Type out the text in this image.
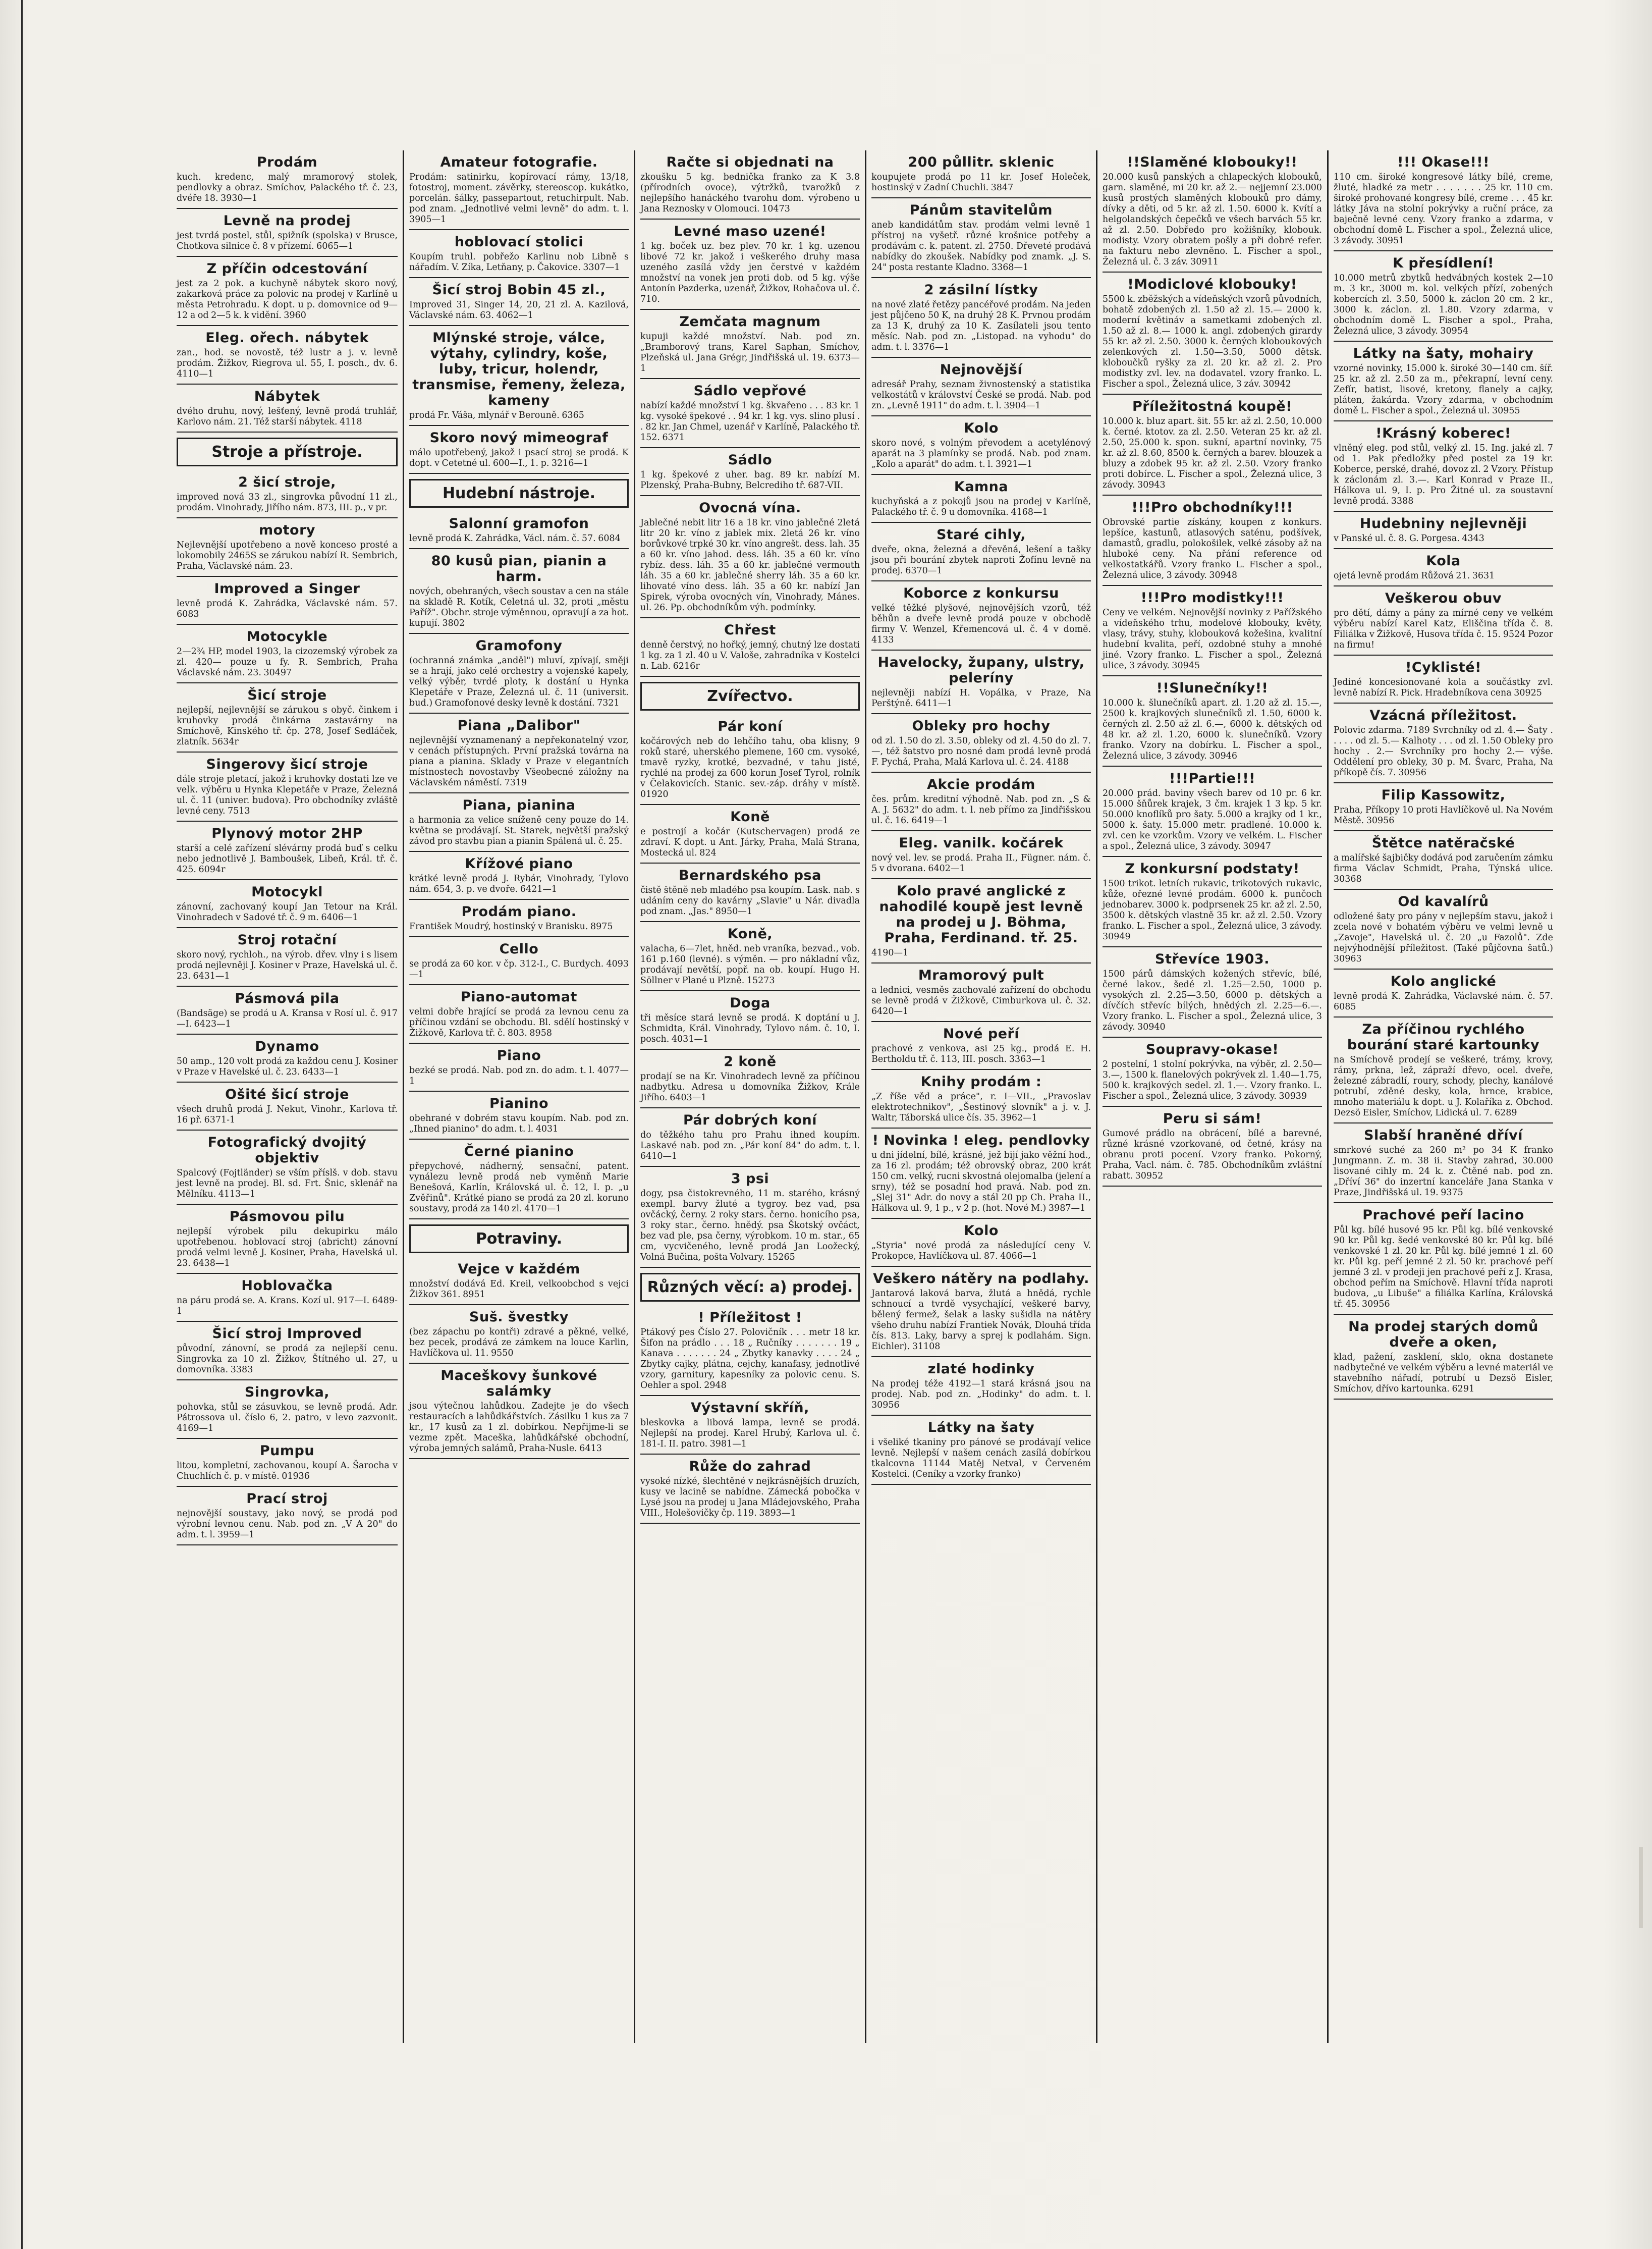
Prodám
kuch. kredenc, malý mramorový stolek, pendlovky a obraz. Smíchov, Palackého tř. č. 23, dvéře 18. 3930—1
Levně na prodej
jest tvrdá postel, stůl, spižník (spolska) v Brusce, Chotkova silnice č. 8 v přízemí. 6065—1
Z příčin odcestování
jest za 2 pok. a kuchyně nábytek skoro nový, zakarková práce za polovic na prodej v Karlíně u města Petrohradu. K dopt. u p. domovnice od 9—12 a od 2—5 k. k vidění. 3960
Eleg. ořech. nábytek
zan., hod. se novostě, též lustr a j. v. levně prodám. Žižkov, Riegrova ul. 55, I. posch., dv. 6. 4110—1
Nábytek
dvého druhu, nový, lešťený, levně prodá truhlář, Karlovo nám. 21. Též starší nábytek. 4118
Stroje a přístroje.
2 šicí stroje,
improved nová 33 zl., singrovka původní 11 zl., prodám. Vinohrady, Jiřího nám. 873, III. p., v pr.
motory
Nejlevnější upotřebeno a nově konceso prosté a lokomobily 2465S se zárukou nabízí R. Sembrich, Praha, Václavské nám. 23.
Improved a Singer
levně prodá K. Zahrádka, Václavské nám. 57. 6083
Motocykle
2—2¾ HP, model 1903, la cizozemský výrobek za zl. 420— pouze u fy. R. Sembrich, Praha Václavské nám. 23. 30497
Šicí stroje
nejlepší, nejlevnější se zárukou s obyč. činkem i kruhovky prodá činkárna zastavárny na Smíchově, Kinského tř. čp. 278, Josef Sedláček, zlatník. 5634r
Singerovy šicí stroje
dále stroje pletací, jakož i kruhovky dostati lze ve velk. výběru u Hynka Klepetáře v Praze, Železná ul. č. 11 (univer. budova). Pro obchodníky zvláště levné ceny. 7513
Plynový motor 2HP
starší a celé zařízení slévárny prodá buď s celku nebo jednotlivě J. Bamboušek, Libeň, Král. tř. č. 425. 6094r
Motocykl
zánovní, zachovaný koupí Jan Tetour na Král. Vinohradech v Sadové tř. č. 9 m. 6406—1
Stroj rotační
skoro nový, rychloh., na výrob. dřev. vlny i s lisem prodá nejlevněji J. Kosiner v Praze, Havelská ul. č. 23. 6431—1
Pásmová pila
(Bandsäge) se prodá u A. Kransa v Rosí ul. č. 917—I. 6423—1
Dynamo
50 amp., 120 volt prodá za každou cenu J. Kosiner v Praze v Havelské ul. č. 23. 6433—1
Ošité šicí stroje
všech druhů prodá J. Nekut, Vinohr., Karlova tř. 16 př. 6371-1
Fotografický dvojitý objektiv
Spalcový (Fojtländer) se vším příslš. v dob. stavu jest levně na prodej. Bl. sd. Frt. Šnic, sklenář na Mělníku. 4113—1
Pásmovou pilu
nejlepší výrobek pilu dekupirku málo upotřebenou. hoblovací stroj (abricht) zánovní prodá velmi levně J. Kosiner, Praha, Havelská ul. 23. 6438—1
Hoblovačka
na páru prodá se. A. Krans. Kozí ul. 917—I. 6489-1
Šicí stroj Improved
původní, zánovní, se prodá za nejlepší cenu. Singrovka za 10 zl. Žižkov, Štítného ul. 27, u domovníka. 3383
Singrovka,
pohovka, stůl se zásuvkou, se levně prodá. Adr. Pátrossova ul. číslo 6, 2. patro, v levo zazvonit. 4169—1
Pumpu
litou, kompletní, zachovanou, koupí A. Šarocha v Chuchlích č. p. v místě. 01936
Prací stroj
nejnovější soustavy, jako nový, se prodá pod výrobní levnou cenu. Nab. pod zn. „V A 20" do adm. t. l. 3959—1
Amateur fotografie.
Prodám: satinirku, kopírovací rámy, 13/18, fotostroj, moment. závěrky, stereoscop. kukátko, porcelán. šálky, passepartout, retuchirpult. Nab. pod znam. „Jednotlivé velmi levně" do adm. t. l. 3905—1
hoblovací stolici
Koupím truhl. pobřežo Karlinu nob Libně s nářadím. V. Zíka, Letňany, p. Čakovice. 3307—1
Šicí stroj Bobin 45 zl.,
Improved 31, Singer 14, 20, 21 zl. A. Kazilová, Václavské nám. 63. 4062—1
Mlýnské stroje, válce, výtahy, cylindry, koše, luby, tricur, holendr, transmise, řemeny, železa, kameny
prodá Fr. Váša, mlynář v Berouně. 6365
Skoro nový mimeograf
málo upotřebený, jakož i psací stroj se prodá. K dopt. v Cetetné ul. 600—I., 1. p. 3216—1
Hudební nástroje.
Salonní gramofon
levně prodá K. Zahrádka, Václ. nám. č. 57. 6084
80 kusů pian, pianin a harm.
nových, obehraných, všech soustav a cen na stále na skladě R. Kotík, Celetná ul. 32, proti „městu Paříž". Obchr. stroje výměnnou, opravují a za hot. kupují. 3802
Gramofony
(ochranná známka „anděl") mluví, zpívají, směji se a hrají, jako celé orchestry a vojenské kapely, velký výběr, tvrdé ploty, k dostání u Hynka Klepetáře v Praze, Železná ul. č. 11 (universit. bud.) Gramofonové desky levně k dostání. 7321
Piana „Dalibor"
nejlevnější vyznamenaný a nepřekonatelný vzor, v cenách přístupných. První pražská továrna na piana a pianina. Sklady v Praze v elegantních místnostech novostavby Všeobecné záložny na Václavském náměstí. 7319
Piana, pianina
a harmonia za velice sníženě ceny pouze do 14. května se prodávají. St. Starek, největší pražský závod pro stavbu pian a pianin Spálená ul. č. 25.
Křížové piano
krátké levně prodá J. Rybár, Vinohrady, Tylovo nám. 654, 3. p. ve dvoře. 6421—1
Prodám piano.
František Moudrý, hostinský v Branisku. 8975
Cello
se prodá za 60 kor. v čp. 312-I., C. Burdych. 4093—1
Piano-automat
velmi dobře hrající se prodá za levnou cenu za příčinou vzdání se obchodu. Bl. sdělí hostinský v Žižkově, Karlova tř. č. 803. 8958
Piano
bezké se prodá. Nab. pod zn. do adm. t. l. 4077—1
Pianino
obehrané v dobrém stavu koupím. Nab. pod zn. „Ihned pianino" do adm. t. l. 4031
Černé pianino
přepychové, nádherný, sensační, patent. vynálezu levně prodá neb vyměnň Marie Benešová, Karlín, Královská ul. č. 12, I. p. „u Zvěřinů". Krátké piano se prodá za 20 zl. koruno soustavy, prodá za 140 zl. 4170—1
Potraviny.
Vejce v každém
množství dodává Ed. Kreil, velkoobchod s vejci Žižkov 361. 8951
Suš. švestky
(bez zápachu po kontři) zdravé a pěkné, velké, bez pecek, prodává ze zámkem na louce Karlin, Havlíčkova ul. 11. 9550
Maceškovy šunkové salámky
jsou výtečnou lahůdkou. Zadejte je do všech restauracích a lahůdkářstvích. Zásilku 1 kus za 7 kr., 17 kusů za 1 zl. dobírkou. Nepřijme-li se vezme zpět. Maceška, lahůdkářské obchodní, výroba jemných salámů, Praha-Nusle. 6413
Račte si objednati na
zkoušku 5 kg. bednička franko za K 3.8 (přírodních ovoce), výtržků, tvarožků z nejlepšího hanáckého tvarohu dom. výrobeno u Jana Reznosky v Olomouci. 10473
Levné maso uzené!
1 kg. boček uz. bez plev. 70 kr. 1 kg. uzenou libové 72 kr. jakož i veškerého druhy masa uzeného zasílá vždy jen čerstvé v každém množství na vonek jen proti dob. od 5 kg. výše Antonín Pazderka, uzenář, Žižkov, Rohačova ul. č. 710.
Zemčata magnum
kupuji každé množství. Nab. pod zn. „Bramborový trans, Karel Saphan, Smíchov, Plzeňská ul. Jana Grégr, Jindřišská ul. 19. 6373—1
Sádlo vepřové
nabízí každé množství 1 kg. škvařeno . . . 83 kr. 1 kg. vysoké špekové . . 94 kr. 1 kg. vys. slino plusí . . 82 kr. Jan Chmel, uzenář v Karlíně, Palackého tř. 152. 6371
Sádlo
1 kg. špekové z uher. bag. 89 kr. nabízí M. Plzenský, Praha-Bubny, Belcrediho tř. 687-VII.
Ovocná vína.
Jablečné nebit litr 16 a 18 kr. vino jablečné 2letá litr 20 kr. víno z jablek mix. 2letá 26 kr. víno borůvkové trpké 30 kr. víno angrešt. dess. lah. 35 a 60 kr. víno jahod. dess. láh. 35 a 60 kr. víno rybíz. dess. láh. 35 a 60 kr. jablečné vermouth láh. 35 a 60 kr. jablečné sherry láh. 35 a 60 kr. lihovaté víno dess. láh. 35 a 60 kr. nabízí Jan Spirek, výroba ovocných vín, Vinohrady, Mánes. ul. 26. Pp. obchodníkům výh. podmínky.
Chřest
denně čerstvý, no hořký, jemný, chutný lze dostati 1 kg. za 1 zl. 40 u V. Valoše, zahradníka v Kostelci n. Lab. 6216r
Zvířectvo.
Pár koní
kočárových neb do lehčího tahu, oba klisny, 9 roků staré, uherského plemene, 160 cm. vysoké, tmavě ryzky, krotké, bezvadné, v tahu jisté, rychlé na prodej za 600 korun Josef Tyrol, rolník v Čelakovicích. Stanic. sev.-záp. dráhy v místě. 01920
Koně
e postrojí a kočár (Kutschervagen) prodá ze zdraví. K dopt. u Ant. Járky, Praha, Malá Strana, Mostecká ul. 824
Bernardského psa
čistě štěně neb mladého psa koupím. Lask. nab. s udáním ceny do kavárny „Slavie" u Nár. divadla pod znam. „Jas." 8950—1
Koně,
valacha, 6—7let, hněd. neb vraníka, bezvad., vob. 161 p.160 (levné). s výměn. — pro nákladní vůz, prodávají nevětší, popř. na ob. koupí. Hugo H. Söllner v Plané u Plzně. 15273
Doga
tři měsíce stará levně se prodá. K doptání u J. Schmidta, Král. Vinohrady, Tylovo nám. č. 10, I. posch. 4031—1
2 koně
prodají se na Kr. Vinohradech levně za příčinou nadbytku. Adresa u domovníka Žižkov, Krále Jiřího. 6403—1
Pár dobrých koní
do těžkého tahu pro Prahu ihned koupím. Laskavé nab. pod zn. „Pár koní 84" do adm. t. l. 6410—1
3 psi
dogy, psa čistokrevného, 11 m. starého, krásný exempl. barvy žluté a tygroy. bez vad, psa ovčácký, černy. 2 roky stars. černo. honicího psa, 3 roky star., černo. hnědý. psa Škotský ovčáct, bez vad ple, psa černy, výrobkom. 10 m. star., 65 cm, vycvičeného, levně prodá Jan Loožecký, Volná Bučina, pošta Volvary. 15265
Různých věcí: a) prodej.
! Příležitost !
Ptákový pes Číslo 27. Polovičník . . . metr 18 kr. Šifon na prádlo . . . 18 „ Ručníky . . . . . . . 19 „ Kanava . . . . . . . 24 „ Zbytky kanavky . . . . 24 „ Zbytky cajky, plátna, cejchy, kanafasy, jednotlivé vzory, garnitury, kapesníky za polovic cenu. S. Oehler a spol. 2948
Výstavní skříň,
bleskovka a libová lampa, levně se prodá. Nejlepší na prodej. Karel Hrubý, Karlova ul. č. 181-I. II. patro. 3981—1
Růže do zahrad
vysoké nízké, šlechtěné v nejkrásnějších druzích, kusy ve lacině se nabídne. Zámecká pobočka v Lysé jsou na prodej u Jana Mládejovského, Praha VIII., Holešovičky čp. 119. 3893—1
200 půllitr. sklenic
koupujete prodá po 11 kr. Josef Holeček, hostinský v Zadní Chuchli. 3847
Pánům stavitelům
aneb kandidátům stav. prodám velmi levně 1 přístroj na vyšetř. různé krošnice potřeby a prodávám c. k. patent. zl. 2750. Dřeveté prodává nabídky do zkoušek. Nabídky pod znamk. „J. S. 24" posta restante Kladno. 3368—1
2 zásilní lístky
na nové zlaté řetězy pancéřové prodám. Na jeden jest půjčeno 50 K, na druhý 28 K. Prvnou prodám za 13 K, druhý za 10 K. Zasílateli jsou tento měsíc. Nab. pod zn. „Listopad. na vyhodu" do adm. t. l. 3376—1
Nejnovější
adresář Prahy, seznam živnostenský a statistika velkostátů v království České se prodá. Nab. pod zn. „Levně 1911" do adm. t. l. 3904—1
Kolo
skoro nové, s volným převodem a acetylénový aparát na 3 plamínky se prodá. Nab. pod znam. „Kolo a aparát" do adm. t. l. 3921—1
Kamna
kuchyňská a z pokojů jsou na prodej v Karlíně, Palackého tř. č. 9 u domovníka. 4168—1
Staré cihly,
dveře, okna, železná a dřevěná, lešení a tašky jsou při bourání zbytek naproti Žofínu levně na prodej. 6370—1
Koborce z konkursu
velké těžké plyšové, nejnovějších vzorů, též běhůn a dveře levně prodá pouze v obchodě firmy V. Wenzel, Křemencová ul. č. 4 v domě. 4133
Havelocky, župany, ulstry, peleríny
nejlevněji nabízí H. Vopálka, v Praze, Na Perštýně. 6411—1
Obleky pro hochy
od zl. 1.50 do zl. 3.50, obleky od zl. 4.50 do zl. 7.—, též šatstvo pro nosné dam prodá levně prodá F. Pychá, Praha, Malá Karlova ul. č. 24. 4188
Akcie prodám
čes. prům. kreditní výhodně. Nab. pod zn. „S & A. J. 5632" do adm. t. l. neb přímo za Jindřišskou ul. č. 16. 6419—1
Eleg. vanilk. kočárek
nový vel. lev. se prodá. Praha II., Fügner. nám. č. 5 v dvorana. 6402—1
Kolo pravé anglické z nahodilé koupě jest levně na prodej u J. Böhma, Praha, Ferdinand. tř. 25.
4190—1
Mramorový pult
a lednici, vesměs zachovalé zařízení do obchodu se levně prodá v Žižkově, Cimburkova ul. č. 32. 6420—1
Nové peří
prachové z venkova, asi 25 kg., prodá E. H. Bertholdu tř. č. 113, III. posch. 3363—1
Knihy prodám :
„Z říše věd a práce", r. I—VII., „Pravoslav elektrotechnikov", „Šestinový slovník" a j. v. J. Waltr, Táborská ulice čís. 35. 3962—1
! Novinka ! eleg. pendlovky
u dni jídelní, bílé, krásné, jež bijí jako věžní hod., za 16 zl. prodám; též obrovský obraz, 200 krát 150 cm. velký, rucni skvostná olejomalba (jelení a srny), též se posadní hod pravá. Nab. pod zn. „Slej 31" Adr. do novy a stál 20 pp Ch. Praha II., Hálkova ul. 9, 1 p., v 2 p. (hot. Nové M.) 3987—1
Kolo
„Styria" nové prodá za následující ceny V. Prokopce, Havlíčkova ul. 87. 4066—1
Veškero nátěry na podlahy.
Jantarová laková barva, žlutá a hnědá, rychle schnoucí a tvrdě vysychající, veškeré barvy, bělený fermež, šelak a lasky sušidla na nátěry všeho druhu nabízí Frantiek Novák, Dlouhá třída čís. 813. Laky, barvy a sprej k podlahám. Sign. Eichler). 31108
zlaté hodinky
Na prodej téže 4192—1 stará krásná jsou na prodej. Nab. pod zn. „Hodinky" do adm. t. l. 30956
Látky na šaty
i všeliké tkaniny pro pánové se prodávají velice levně. Nejlepší v našem cenách zasílá dobírkou tkalcovna 11144 Matěj Netval, v Červeném Kostelci. (Ceníky a vzorky franko)
!!Slaměné klobouky!!
20.000 kusů panských a chlapeckých klobouků, garn. slaměné, mi 20 kr. až 2.— nejjemní 23.000 kusů prostých slaměných klobouků pro dámy, dívky a děti, od 5 kr. až zl. 1.50. 6000 k. Kvítí a helgolandských čepečků ve všech barvách 55 kr. až zl. 2.50. Dobředo pro kožišníky, klobouk. modisty. Vzory obratem pošly a při dobré refer. na fakturu nebo zlevněno. L. Fischer a spol., Železná ul. č. 3 záv. 30911
!Modiclové klobouky!
5500 k. zběžských a vídeňských vzorů původních, bohatě zdobených zl. 1.50 až zl. 15.— 2000 k. moderní květináv a sametkami zdobených zl. 1.50 až zl. 8.— 1000 k. angl. zdobených girardy 55 kr. až zl. 2.50. 3000 k. černých kloboukových zelenkových zl. 1.50—3.50, 5000 dětsk. kloboučků ryšky za zl. 20 kr. až zl. 2. Pro modistky zvl. lev. na dodavatel. vzory franko. L. Fischer a spol., Železná ulice, 3 záv. 30942
Příležitostná koupě!
10.000 k. bluz apart. šit. 55 kr. až zl. 2.50, 10.000 k. černé. ktotov. za zl. 2.50. Veteran 25 kr. až zl. 2.50, 25.000 k. spon. sukní, apartní novinky, 75 kr. až zl. 8.60, 8500 k. černých a barev. blouzek a bluzy a zdobek 95 kr. až zl. 2.50. Vzory franko proti dobírce. L. Fischer a spol., Železná ulice, 3 závody. 30943
!!!Pro obchodníky!!!
Obrovské partie získány, koupen z konkurs. lepšíce, kastunů, atlasových saténu, podšívek, damastů, gradlu, polokošilek, velké zásoby až na hluboké ceny. Na přání reference od velkostatkářů. Vzory franko L. Fischer a spol., Železná ulice, 3 závody. 30948
!!!Pro modistky!!!
Ceny ve velkém. Nejnovější novinky z Pařížského a vídeňského trhu, modelové klobouky, květy, vlasy, trávy, stuhy, klobouková kožešina, kvalitní hudební kvalita, peří, ozdobné stuhy a mnohé jiné. Vzory franko. L. Fischer a spol., Železná ulice, 3 závody. 30945
!!Slunečníky!!
10.000 k. šlunečníků apart. zl. 1.20 až zl. 15.—, 2500 k. krajkových slunečníků zl. 1.50, 6000 k. černých zl. 2.50 až zl. 6.—, 6000 k. dětských od 48 kr. až zl. 1.20, 6000 k. slunečníků. Vzory franko. Vzory na dobírku. L. Fischer a spol., Železná ulice, 3 závody. 30946
!!!Partie!!!
20.000 prád. baviny všech barev od 10 pr. 6 kr. 15.000 šňůrek krajek, 3 čm. krajek 1 3 kp. 5 kr. 50.000 knoflíků pro šaty. 5.000 a krajky od 1 kr., 5000 k. šaty. 15.000 metr. pradlené. 10.000 k. zvl. cen ke vzorkům. Vzory ve velkém. L. Fischer a spol., Železná ulice, 3 závody. 30947
Z konkursní podstaty!
1500 trikot. letních rukavic, trikotových rukavic, kůže, ořezné levné prodám. 6000 k. punčoch jednobarev. 3000 k. podprsenek 25 kr. až zl. 2.50, 3500 k. dětských vlastně 35 kr. až zl. 2.50. Vzory franko. L. Fischer a spol., Železná ulice, 3 závody. 30949
Střevíce 1903.
1500 párů dámských kožených střevíc, bílé, černé lakov., šedé zl. 1.25—2.50, 1000 p. vysokých zl. 2.25—3.50, 6000 p. dětských a dívčích střevíc bílých, hnědých zl. 2.25—6.—. Vzory franko. L. Fischer a spol., Železná ulice, 3 závody. 30940
Soupravy-okase!
2 postelní, 1 stolní pokrývka, na výběr, zl. 2.50—3.—, 1500 k. flanelových pokrývek zl. 1.40—1.75, 500 k. krajkových sedel. zl. 1.—. Vzory franko. L. Fischer a spol., Železná ulice, 3 závody. 30939
Peru si sám!
Gumové prádlo na obrácení, bílé a barevné, různé krásné vzorkované, od četné, krásy na obranu proti pocení. Vzory franko. Pokorný, Praha, Vacl. nám. č. 785. Obchodníkům zvláštní rabatt. 30952
!!! Okase!!!
110 cm. široké kongresové látky bílé, creme, žluté, hladké za metr . . . . . . . 25 kr. 110 cm. široké prohované kongresy bílé, creme . . . 45 kr. látky Jáva na stolní pokrývky a ruční práce, za baječně levné ceny. Vzory franko a zdarma, v obchodní domě L. Fischer a spol., Železná ulice, 3 závody. 30951
K přesídlení!
10.000 metrů zbytků hedvábných kostek 2—10 m. 3 kr., 3000 m. kol. velkých přízí, zobených kobercích zl. 3.50, 5000 k. záclon 20 cm. 2 kr., 3000 k. záclon. zl. 1.80. Vzory zdarma, v obchodním domě L. Fischer a spol., Praha, Železná ulice, 3 závody. 30954
Látky na šaty, mohairy
vzorné novinky, 15.000 k. široké 30—140 cm. šíř. 25 kr. až zl. 2.50 za m., překrapní, levní ceny. Zefír, batist, lisové, kretony, flanely a cajky, pláten, žakárda. Vzory zdarma, v obchodním domě L. Fischer a spol., Železná ul. 30955
!Krásný koberec!
vlněný eleg. pod stůl, velký zl. 15. Ing. jaké zl. 7 od 1. Pak předložky před postel za 19 kr. Koberce, perské, drahé, dovoz zl. 2 Vzory. Přístup k záclonám zl. 3.—. Karl Konrad v Praze II., Hálkova ul. 9, I. p. Pro Žitné ul. za soustavní levně prodá. 3388
Hudebniny nejlevněji
v Panské ul. č. 8. G. Porgesa. 4343
Kola
ojetá levně prodám Růžová 21. 3631
Veškerou obuv
pro dětí, dámy a pány za mírné ceny ve velkém výběru nabízí Karel Katz, Eliščina třída č. 8. Filiálka v Žižkově, Husova třída č. 15. 9524 Pozor na firmu!
!Cyklisté!
Jediné koncesionované kola a součástky zvl. levně nabízí R. Pick. Hradebníkova cena 30925
Vzácná příležitost.
Polovic zdarma. 7189 Svrchníky od zl. 4.— Šaty . . . . . od zl. 5.— Kalhoty . . . od zl. 1.50 Obleky pro hochy . 2.— Svrchníky pro hochy 2.— výše. Oddělení pro obleky, 30 p. M. Švarc, Praha, Na příkopě čís. 7. 30956
Filip Kassowitz,
Praha, Příkopy 10 proti Havlíčkově ul. Na Novém Městě. 30956
Štětce natěračské
a malířské šajbičky dodává pod zaručením zámku firma Václav Schmidt, Praha, Týnská ulice. 30368
Od kavalírů
odložené šaty pro pány v nejlepším stavu, jakož i zcela nové v bohatém výběru ve velmi levně u „Zavoje", Havelská ul. č. 20 „u Fazolů". Zde nejvýhodnější příležitost. (Také půjčovna šatů.) 30963
Kolo anglické
levně prodá K. Zahrádka, Václavské nám. č. 57. 6085
Za příčinou rychlého bourání staré kartounky
na Smíchově prodejí se veškeré, trámy, krovy, rámy, prkna, lež, zápraží dřevo, ocel. dveře, železné zábradlí, roury, schody, plechy, kanálové potrubí, zděné desky, kola, hrnce, krabice, mnoho materiálu k dopt. u J. Kolaříka z. Obchod. Dezsö Eisler, Smíchov, Lidická ul. 7. 6289
Slabší hraněné dříví
smrkové suché za 260 m² po 34 K franko Jungmann. Z. m. 38 ii. Stavby zahrad, 30.000 lisované cihly m. 24 k. z. Čtěné nab. pod zn. „Dříví 36" do inzertní kanceláře Jana Stanka v Praze, Jindřišská ul. 19. 9375
Prachové peří lacino
Půl kg. bílé husové 95 kr. Půl kg. bílé venkovské 90 kr. Půl kg. šedé venkovské 80 kr. Půl kg. bílé venkovské 1 zl. 20 kr. Půl kg. bílé jemné 1 zl. 60 kr. Půl kg. peří jemné 2 zl. 50 kr. prachové peří jemné 3 zl. v prodeji jen prachové peří z J. Krasa, obchod peřím na Smíchově. Hlavní třída naproti budova, „u Libuše" a filiálka Karlína, Královská tř. 45. 30956
Na prodej starých domů dveře a oken,
klad, pažení, zasklení, sklo, okna dostanete nadbytečné ve velkém výběru a levné materiál ve stavebního nářadí, potrubí u Dezsö Eisler, Smíchov, dřívo kartounka. 6291
